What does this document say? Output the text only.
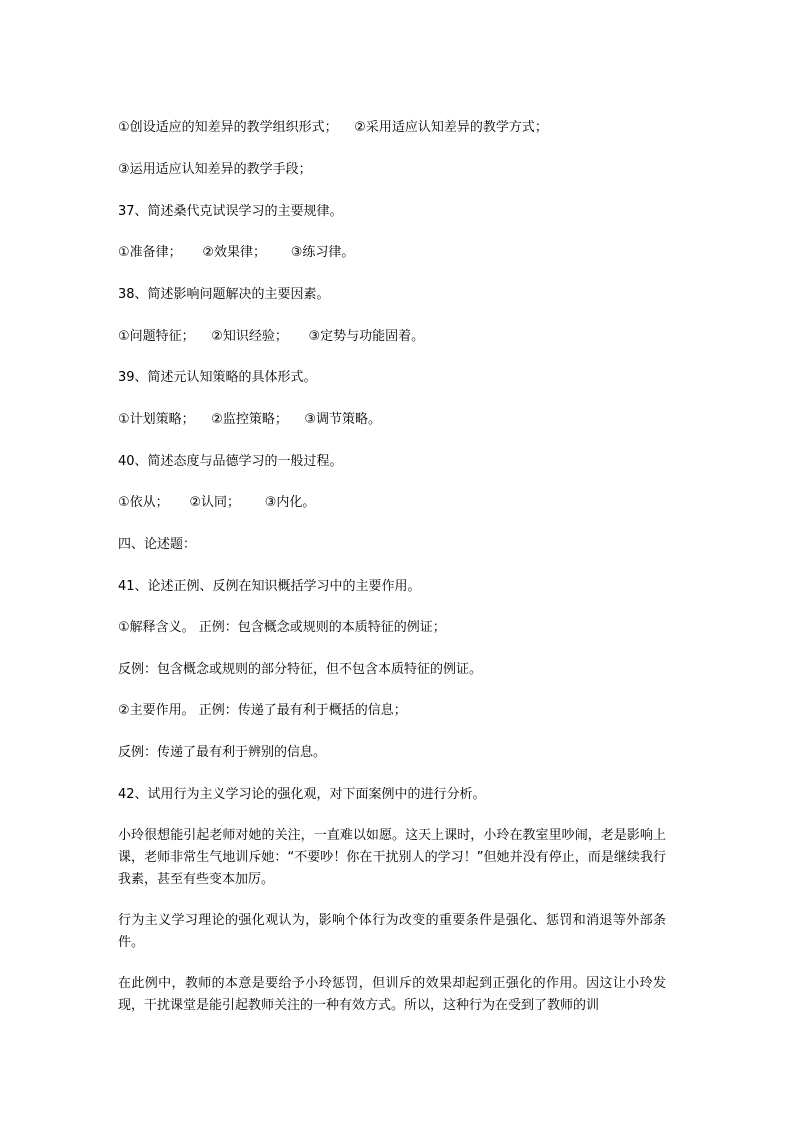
①创设适应的知差异的教学组织形式；    ②采用适应认知差异的教学方式；
③运用适应认知差异的教学手段；
37、简述桑代克试误学习的主要规律。
①准备律；     ②效果律；      ③练习律。
38、简述影响问题解决的主要因素。
①问题特征；    ②知识经验；     ③定势与功能固着。
39、简述元认知策略的具体形式。
①计划策略；    ②监控策略；    ③调节策略。
40、简述态度与品德学习的一般过程。
①依从；     ②认同；      ③内化。
四、论述题：
41、论述正例、反例在知识概括学习中的主要作用。
①解释含义。 正例：包含概念或规则的本质特征的例证；
反例：包含概念或规则的部分特征，但不包含本质特征的例证。
②主要作用。 正例：传递了最有利于概括的信息；
反例：传递了最有利于辨别的信息。
42、试用行为主义学习论的强化观，对下面案例中的进行分析。
小玲很想能引起老师对她的关注，一直难以如愿。这天上课时，小玲在教室里吵闹，老是影响上课，老师非常生气地训斥她：“不要吵！你在干扰别人的学习！”但她并没有停止，而是继续我行我素，甚至有些变本加厉。
行为主义学习理论的强化观认为，影响个体行为改变的重要条件是强化、惩罚和消退等外部条件。
在此例中，教师的本意是要给予小玲惩罚，但训斥的效果却起到正强化的作用。因这让小玲发现，干扰课堂是能引起教师关注的一种有效方式。所以，这种行为在受到了教师的训
